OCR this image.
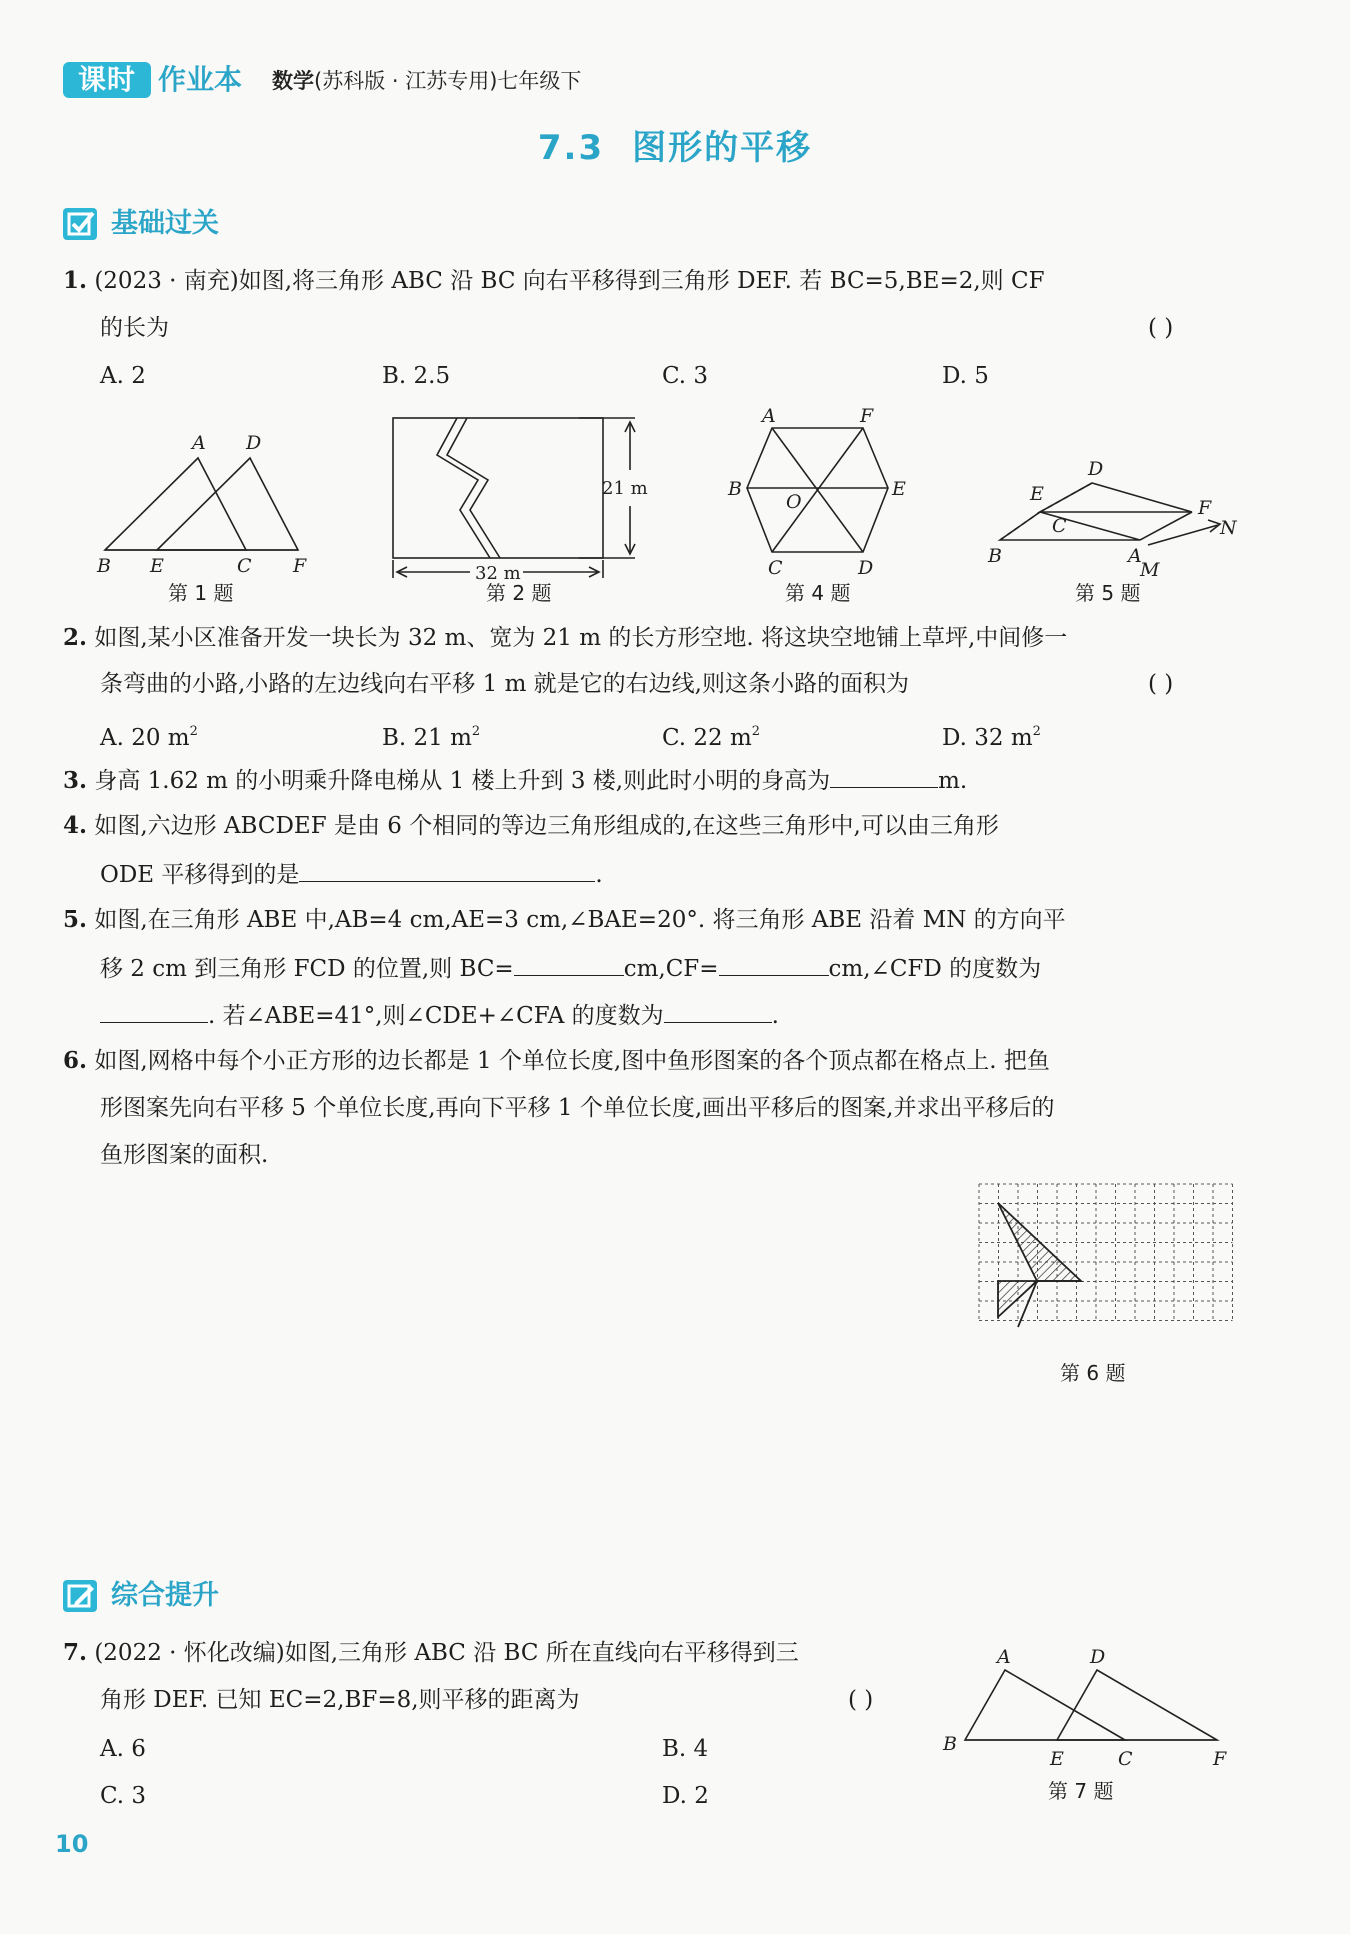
课时 作业本 数学(苏科版 · 江苏专用)七年级下
7.3 图形的平移
基础过关
1. (2023 · 南充)如图,将三角形 ABC 沿 BC 向右平移得到三角形 DEF. 若 BC=5,BE=2,则 CF
的长为	( )
A. 2	B. 2.5	C. 3	D. 5
A D
B E	C F
第 1 题
21 m
32 m
第 2 题
A	F
B
O
E
C	D
第 4 题
D
E
F
N
C
B	A
M
第 5 题
2. 如图,某小区准备开发一块长为 32 m、宽为 21 m 的长方形空地. 将这块空地铺上草坪,中间修一
条弯曲的小路,小路的左边线向右平移 1 m 就是它的右边线,则这条小路的面积为	( )
A. 20 $m^2$	B. 21 $m^2$	C. 22 $m^2$	D. 32 $m^2$
3. 身高 1.62 m 的小明乘升降电梯从 1 楼上升到 3 楼,则此时小明的身高为	m.
4. 如图,六边形 ABCDEF 是由 6 个相同的等边三角形组成的,在这些三角形中,可以由三角形
ODE 平移得到的是	.
5. 如图,在三角形 ABE 中,AB=4 cm,AE=3 cm,∠BAE=20°. 将三角形 ABE 沿着 MN 的方向平
移 2 cm 到三角形 FCD 的位置,则 BC=	cm,CF=	cm,∠CFD 的度数为
. 若∠ABE=41°,则∠CDE+∠CFA 的度数为	.
6. 如图,网格中每个小正方形的边长都是 1 个单位长度,图中鱼形图案的各个顶点都在格点上. 把鱼
形图案先向右平移 5 个单位长度,再向下平移 1 个单位长度,画出平移后的图案,并求出平移后的
鱼形图案的面积.
第 6 题
综合提升
7. (2022 · 怀化改编)如图,三角形 ABC 沿 BC 所在直线向右平移得到三
角形 DEF. 已知 EC=2,BF=8,则平移的距离为	( )
A. 6	B. 4
C. 3	D. 2
A	D
B
E	C	F
第 7 题
10
